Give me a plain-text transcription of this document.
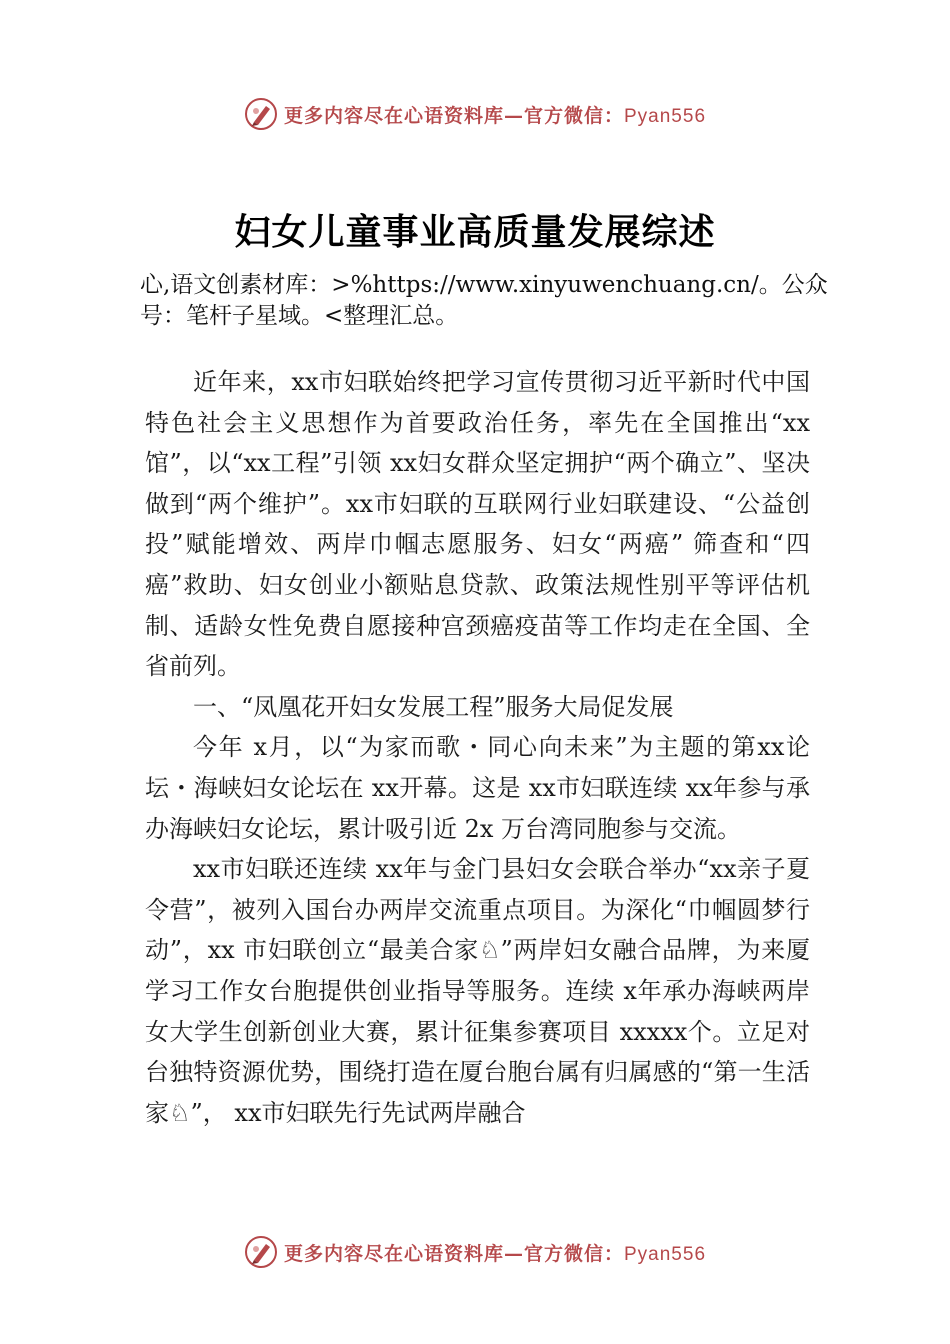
更多内容尽在心语资料库—官方微信：Pyan556
妇女儿童事业高质量发展综述
心,语文创素材库：>%https://www.xinyuwenchuang.cn/。公众号：笔杆子星域。<整理汇总。

近年来，xx市妇联始终把学习宣传贯彻习近平新时代中国特色社会主义思想作为首要政治任务，率先在全国推出“xx馆”，以“xx工程”引领 xx妇女群众坚定拥护“两个确立”、坚决做到“两个维护”。xx市妇联的互联网行业妇联建设、“公益创投”赋能增效、两岸巾帼志愿服务、妇女“两癌” 筛查和“四癌”救助、妇女创业小额贴息贷款、政策法规性别平等评估机制、适龄女性免费自愿接种宫颈癌疫苗等工作均走在全国、全省前列。

一、“凤凰花开妇女发展工程”服务大局促发展

今年 x月，以“为家而歌・同心向未来”为主题的第xx论坛・海峡妇女论坛在 xx开幕。这是 xx市妇联连续 xx年参与承办海峡妇女论坛，累计吸引近 2x 万台湾同胞参与交流。

xx市妇联还连续 xx年与金门县妇女会联合举办“xx亲子夏令营”，被列入国台办两岸交流重点项目。为深化“巾帼圆梦行动”，xx 市妇联创立“最美合家♘”两岸妇女融合品牌，为来厦学习工作女台胞提供创业指导等服务。连续 x年承办海峡两岸女大学生创新创业大赛，累计征集参赛项目 xxxxx个。立足对台独特资源优势，围绕打造在厦台胞台属有归属感的“第一生活家♘”， xx市妇联先行先试两岸融合

更多内容尽在心语资料库—官方微信：Pyan556
